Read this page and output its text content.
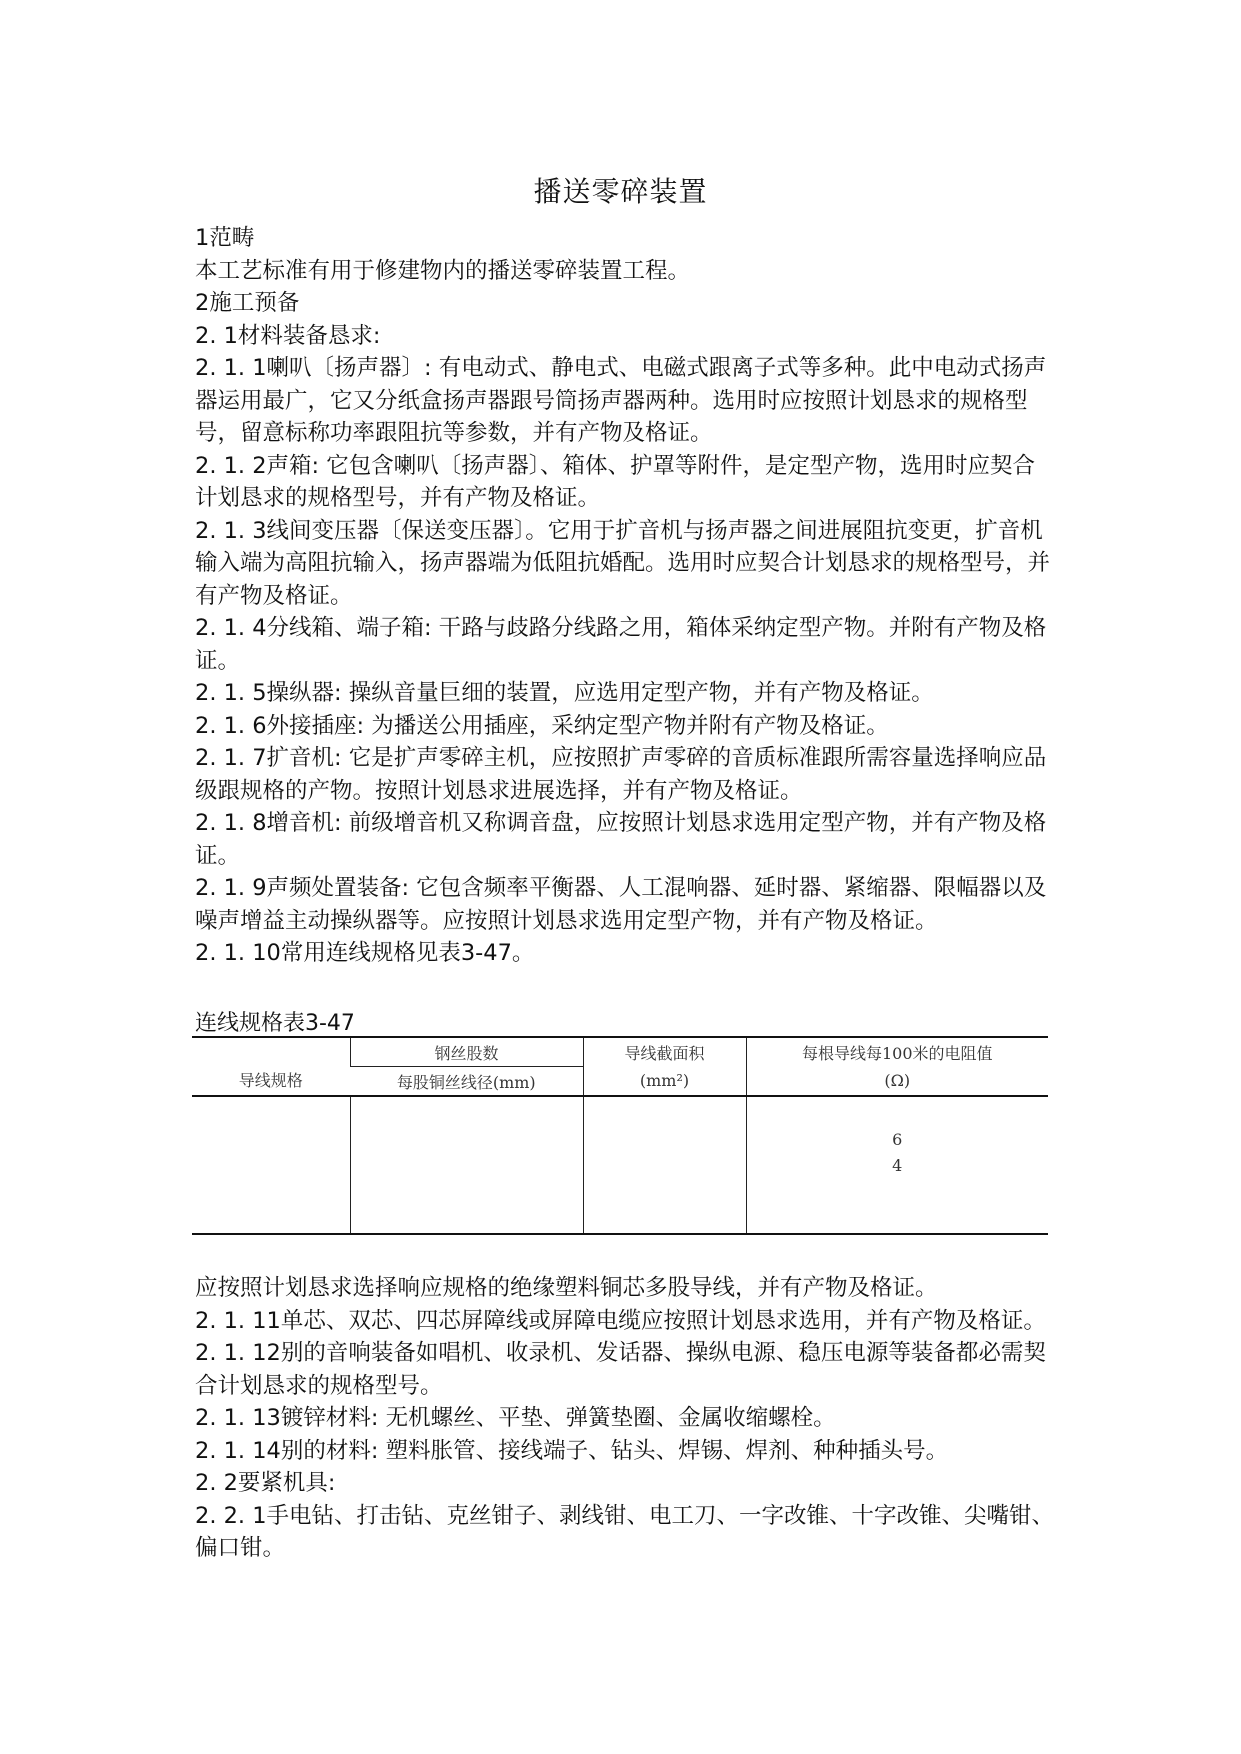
播送零碎装置

1范畴

本工艺标准有用于修建物内的播送零碎装置工程。

2施工预备

2. 1材料装备恳求:

2. 1. 1喇叭〔扬声器〕: 有电动式、静电式、电磁式跟离子式等多种。此中电动式扬声器运用最广，它又分纸盒扬声器跟号筒扬声器两种。选用时应按照计划恳求的规格型号，留意标称功率跟阻抗等参数，并有产物及格证。

2. 1. 2声箱: 它包含喇叭〔扬声器〕、箱体、护罩等附件，是定型产物，选用时应契合计划恳求的规格型号，并有产物及格证。

2. 1. 3线间变压器〔保送变压器〕。它用于扩音机与扬声器之间进展阻抗变更，扩音机输入端为高阻抗输入，扬声器端为低阻抗婚配。选用时应契合计划恳求的规格型号，并有产物及格证。

2. 1. 4分线箱、端子箱: 干路与歧路分线路之用，箱体采纳定型产物。并附有产物及格证。

2. 1. 5操纵器: 操纵音量巨细的装置，应选用定型产物，并有产物及格证。

2. 1. 6外接插座: 为播送公用插座，采纳定型产物并附有产物及格证。

2. 1. 7扩音机: 它是扩声零碎主机，应按照扩声零碎的音质标准跟所需容量选择响应品级跟规格的产物。按照计划恳求进展选择，并有产物及格证。

2. 1. 8增音机: 前级增音机又称调音盘，应按照计划恳求选用定型产物，并有产物及格证。

2. 1. 9声频处置装备: 它包含频率平衡器、人工混响器、延时器、紧缩器、限幅器以及噪声增益主动操纵器等。应按照计划恳求选用定型产物，并有产物及格证。

2. 1. 10常用连线规格见表3-47。

连线规格表3-47
导线规格	钢丝股数	导线截面积	每根导线每100米的电阻值
	每股铜丝线径(mm)	(mm²)	(Ω)

			6
4

应按照计划恳求选择响应规格的绝缘塑料铜芯多股导线，并有产物及格证。

2. 1. 11单芯、双芯、四芯屏障线或屏障电缆应按照计划恳求选用，并有产物及格证。

2. 1. 12别的音响装备如唱机、收录机、发话器、操纵电源、稳压电源等装备都必需契合计划恳求的规格型号。

2. 1. 13镀锌材料: 无机螺丝、平垫、弹簧垫圈、金属收缩螺栓。

2. 1. 14别的材料: 塑料胀管、接线端子、钻头、焊锡、焊剂、种种插头号。

2. 2要紧机具:

2. 2. 1手电钻、打击钻、克丝钳子、剥线钳、电工刀、一字改锥、十字改锥、尖嘴钳、偏口钳。
